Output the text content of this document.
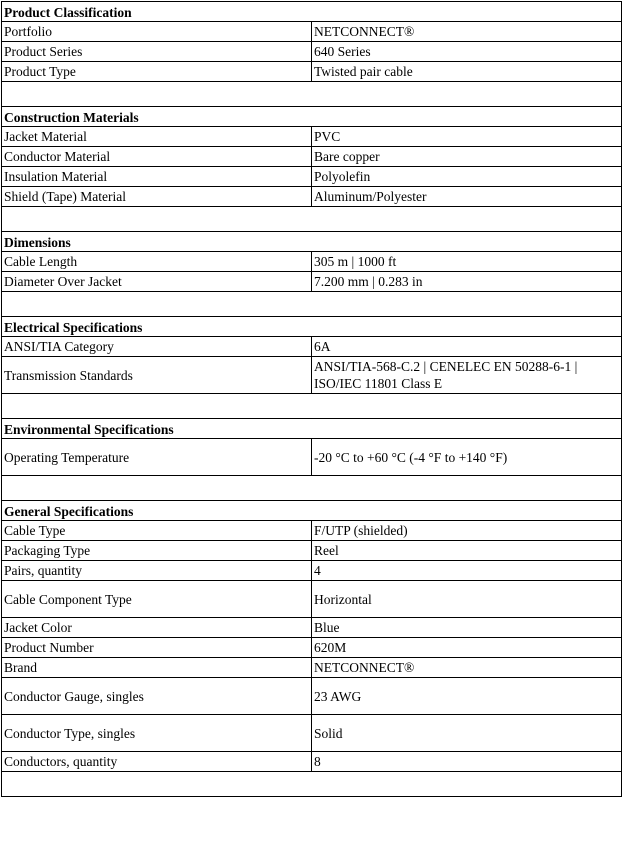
Product Classification	
Portfolio	NETCONNECT®
Product Series	640 Series
Product Type	Twisted pair cable

Construction Materials	
Jacket Material	PVC
Conductor Material	Bare copper
Insulation Material	Polyolefin
Shield (Tape) Material	Aluminum/Polyester

Dimensions	
Cable Length	305 m | 1000 ft
Diameter Over Jacket	7.200 mm | 0.283 in

Electrical Specifications	
ANSI/TIA Category	6A
Transmission Standards	ANSI/TIA-568-C.2 | CENELEC EN 50288-6-1 | ISO/IEC 11801 Class E

Environmental Specifications	
Operating Temperature	-20 °C to +60 °C (-4 °F to +140 °F)

General Specifications	
Cable Type	F/UTP (shielded)
Packaging Type	Reel
Pairs, quantity	4
Cable Component Type	Horizontal
Jacket Color	Blue
Product Number	620M
Brand	NETCONNECT®
Conductor Gauge, singles	23 AWG
Conductor Type, singles	Solid
Conductors, quantity	8
